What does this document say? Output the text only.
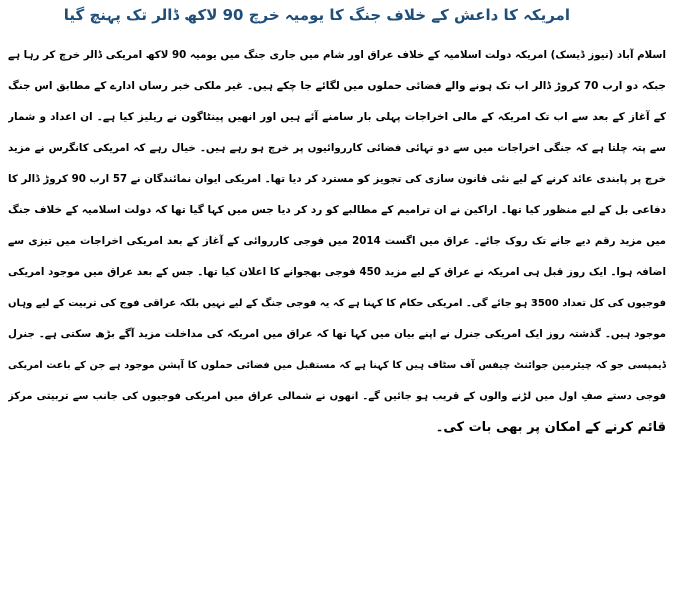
امریکہ کا داعش کے خلاف جنگ کا یومیہ خرچ 90 لاکھ ڈالر تک پہنچ گیا
اسلام آباد (نیوز ڈیسک) امریکہ دولت اسلامیہ کے خلاف عراق اور شام میں جاری جنگ میں یومیہ 90 لاکھ امریکی ڈالر خرچ کر رہا ہے
جبکہ دو ارب 70 کروڑ ڈالر اب تک ہونے والے فضائی حملوں میں لگائے جا چکے ہیں۔ غیر ملکی خبر رساں ادارے کے مطابق اس جنگ
کے آغاز کے بعد سے اب تک امریکہ کے مالی اخراجات پہلی بار سامنے آئے ہیں اور انھیں پینٹاگون نے ریلیز کیا ہے۔ ان اعداد و شمار
سے پتہ چلتا ہے کہ جنگی اخراجات میں سے دو تہائی فضائی کارروائیوں پر خرچ ہو رہے ہیں۔ خیال رہے کہ امریکی کانگرس نے مزید
خرچ پر پابندی عائد کرنے کے لیے نئی قانون سازی کی تجویز کو مسترد کر دیا تھا۔ امریکی ایوان نمائندگان نے 57 ارب 90 کروڑ ڈالر کا
دفاعی بل کے لیے منظور کیا تھا۔ اراکین نے ان ترامیم کے مطالبے کو رد کر دیا جس میں کہا گیا تھا کہ دولت اسلامیہ کے خلاف جنگ
میں مزید رقم دیے جانے تک روک جائے۔ عراق میں اگست 2014 میں فوجی کارروائی کے آغاز کے بعد امریکی اخراجات میں تیزی سے
اضافہ ہوا۔ ایک روز قبل ہی امریکہ نے عراق کے لیے مزید 450 فوجی بھجوانے کا اعلان کیا تھا۔ جس کے بعد عراق میں موجود امریکی
فوجیوں کی کل تعداد 3500 ہو جائے گی۔ امریکی حکام کا کہنا ہے کہ یہ فوجی جنگ کے لیے نہیں بلکہ عراقی فوج کی تربیت کے لیے وہاں
موجود ہیں۔ گذشتہ روز ایک امریکی جنرل نے اپنے بیان میں کہا تھا کہ عراق میں امریکہ کی مداخلت مزید آگے بڑھ سکتی ہے۔ جنرل
ڈیمپسی جو کہ چیئرمین جوائنٹ چیفس آف سٹاف ہیں کا کہنا ہے کہ مستقبل میں فضائی حملوں کا آپشن موجود ہے جن کے باعث امریکی
فوجی دستے صفِ اول میں لڑنے والوں کے قریب ہو جائیں گے۔ انھوں نے شمالی عراق میں امریکی فوجیوں کی جانب سے تربیتی مرکز
قائم کرنے کے امکان پر بھی بات کی۔
